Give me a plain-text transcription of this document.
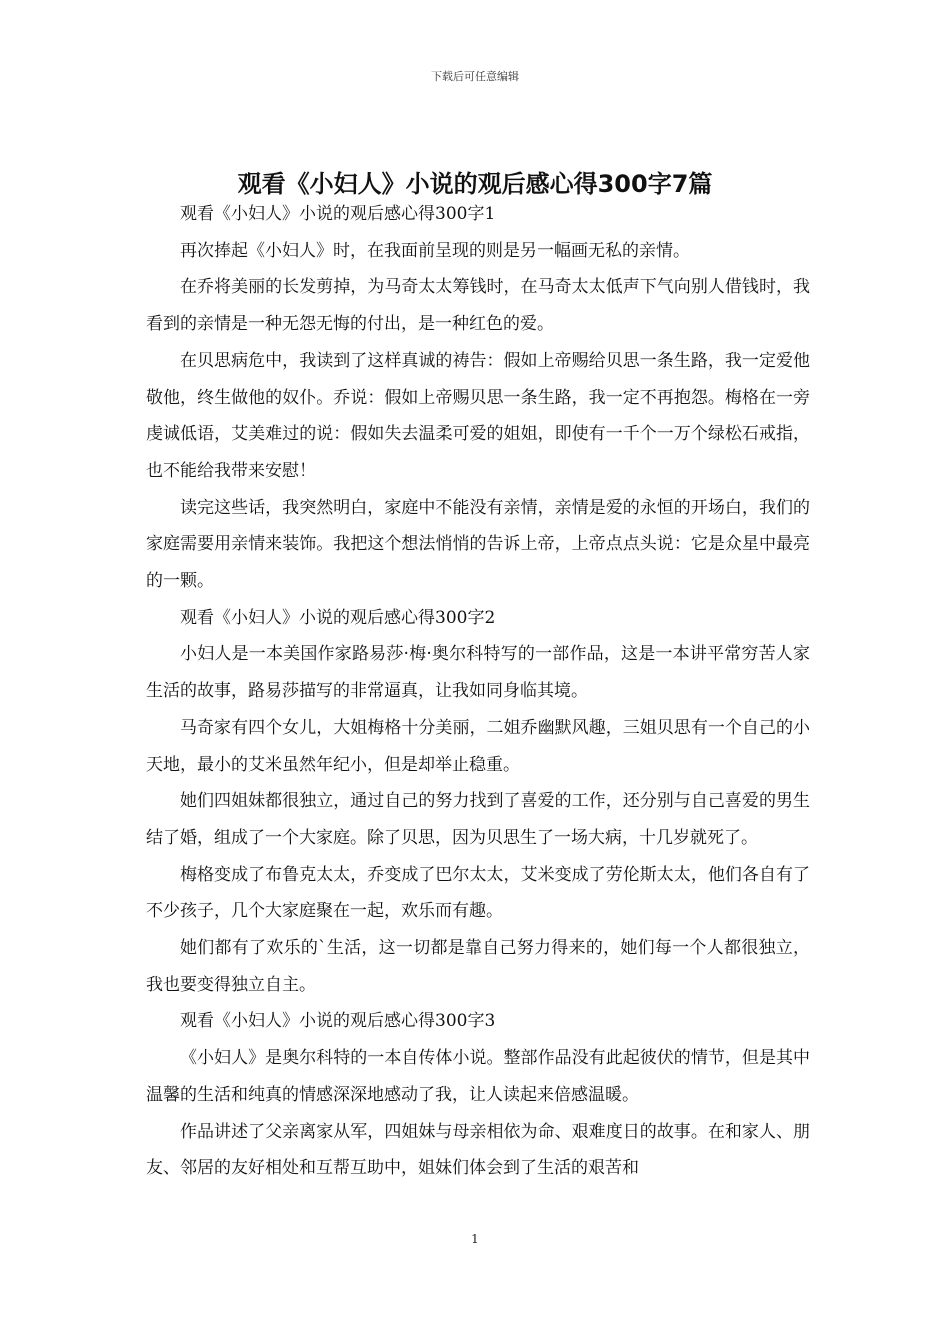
下载后可任意编辑
观看《小妇人》小说的观后感心得300字7篇

观看《小妇人》小说的观后感心得300字1

再次捧起《小妇人》时，在我面前呈现的则是另一幅画无私的亲情。

在乔将美丽的长发剪掉，为马奇太太筹钱时，在马奇太太低声下气向别人借钱时，我看到的亲情是一种无怨无悔的付出，是一种红色的爱。

在贝思病危中，我读到了这样真诚的祷告：假如上帝赐给贝思一条生路，我一定爱他敬他，终生做他的奴仆。乔说：假如上帝赐贝思一条生路，我一定不再抱怨。梅格在一旁虔诚低语，艾美难过的说：假如失去温柔可爱的姐姐，即使有一千个一万个绿松石戒指，也不能给我带来安慰！

读完这些话，我突然明白，家庭中不能没有亲情，亲情是爱的永恒的开场白，我们的家庭需要用亲情来装饰。我把这个想法悄悄的告诉上帝，上帝点点头说：它是众星中最亮的一颗。

观看《小妇人》小说的观后感心得300字2

小妇人是一本美国作家路易莎·梅·奥尔科特写的一部作品，这是一本讲平常穷苦人家生活的故事，路易莎描写的非常逼真，让我如同身临其境。

马奇家有四个女儿，大姐梅格十分美丽，二姐乔幽默风趣，三姐贝思有一个自己的小天地，最小的艾米虽然年纪小，但是却举止稳重。

她们四姐妹都很独立，通过自己的努力找到了喜爱的工作，还分别与自己喜爱的男生结了婚，组成了一个大家庭。除了贝思，因为贝思生了一场大病，十几岁就死了。

梅格变成了布鲁克太太，乔变成了巴尔太太，艾米变成了劳伦斯太太，他们各自有了不少孩子，几个大家庭聚在一起，欢乐而有趣。

她们都有了欢乐的`生活，这一切都是靠自己努力得来的，她们每一个人都很独立，我也要变得独立自主。

观看《小妇人》小说的观后感心得300字3

《小妇人》是奥尔科特的一本自传体小说。整部作品没有此起彼伏的情节，但是其中温馨的生活和纯真的情感深深地感动了我，让人读起来倍感温暖。

作品讲述了父亲离家从军，四姐妹与母亲相依为命、艰难度日的故事。在和家人、朋友、邻居的友好相处和互帮互助中，姐妹们体会到了生活的艰苦和

1
